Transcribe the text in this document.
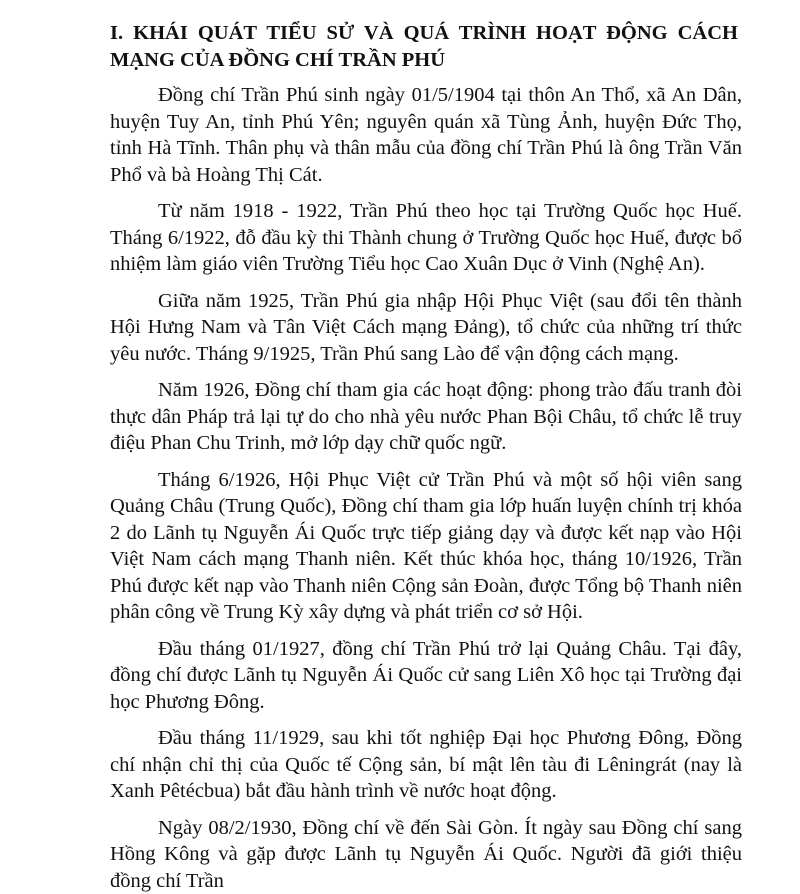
I. KHÁI QUÁT TIỂU SỬ VÀ QUÁ TRÌNH HOẠT ĐỘNG CÁCH MẠNG CỦA ĐỒNG CHÍ TRẦN PHÚ

Đồng chí Trần Phú sinh ngày 01/5/1904 tại thôn An Thổ, xã An Dân, huyện Tuy An, tỉnh Phú Yên; nguyên quán xã Tùng Ảnh, huyện Đức Thọ, tỉnh Hà Tĩnh. Thân phụ và thân mẫu của đồng chí Trần Phú là ông Trần Văn Phổ và bà Hoàng Thị Cát.

Từ năm 1918 - 1922, Trần Phú theo học tại Trường Quốc học Huế. Tháng 6/1922, đỗ đầu kỳ thi Thành chung ở Trường Quốc học Huế, được bổ nhiệm làm giáo viên Trường Tiểu học Cao Xuân Dục ở Vinh (Nghệ An).

Giữa năm 1925, Trần Phú gia nhập Hội Phục Việt (sau đổi tên thành Hội Hưng Nam và Tân Việt Cách mạng Đảng), tổ chức của những trí thức yêu nước. Tháng 9/1925, Trần Phú sang Lào để vận động cách mạng.

Năm 1926, Đồng chí tham gia các hoạt động: phong trào đấu tranh đòi thực dân Pháp trả lại tự do cho nhà yêu nước Phan Bội Châu, tổ chức lễ truy điệu Phan Chu Trinh, mở lớp dạy chữ quốc ngữ.

Tháng 6/1926, Hội Phục Việt cử Trần Phú và một số hội viên sang Quảng Châu (Trung Quốc), Đồng chí tham gia lớp huấn luyện chính trị khóa 2 do Lãnh tụ Nguyễn Ái Quốc trực tiếp giảng dạy và được kết nạp vào Hội Việt Nam cách mạng Thanh niên. Kết thúc khóa học, tháng 10/1926, Trần Phú được kết nạp vào Thanh niên Cộng sản Đoàn, được Tổng bộ Thanh niên phân công về Trung Kỳ xây dựng và phát triển cơ sở Hội.

Đầu tháng 01/1927, đồng chí Trần Phú trở lại Quảng Châu. Tại đây, đồng chí được Lãnh tụ Nguyễn Ái Quốc cử sang Liên Xô học tại Trường đại học Phương Đông.

Đầu tháng 11/1929, sau khi tốt nghiệp Đại học Phương Đông, Đồng chí nhận chỉ thị của Quốc tế Cộng sản, bí mật lên tàu đi Lêningrát (nay là Xanh Pêtécbua) bắt đầu hành trình về nước hoạt động.

Ngày 08/2/1930, Đồng chí về đến Sài Gòn. Ít ngày sau Đồng chí sang Hồng Kông và gặp được Lãnh tụ Nguyễn Ái Quốc. Người đã giới thiệu đồng chí Trần
